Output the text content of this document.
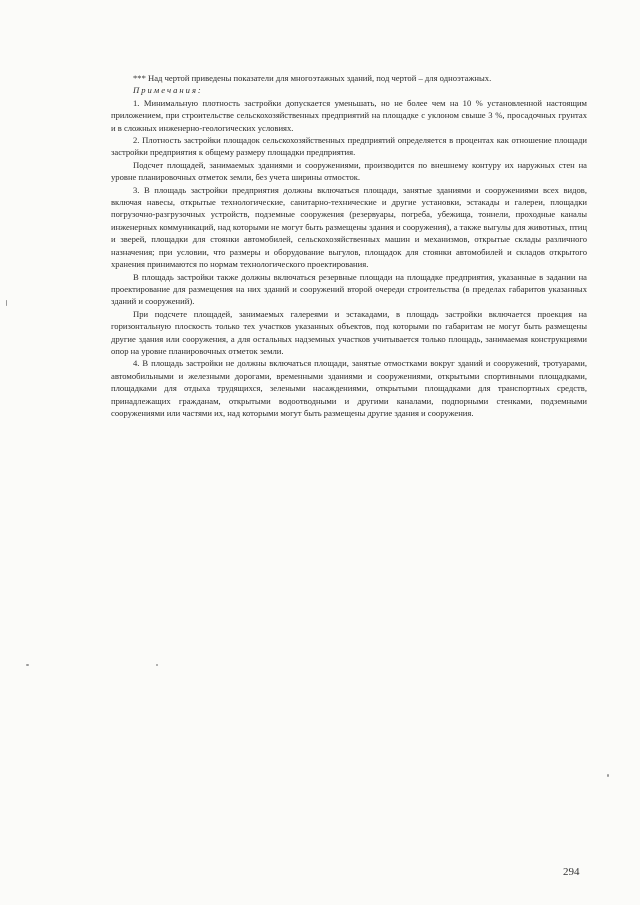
*** Над чертой приведены показатели для многоэтажных зданий, под чертой – для одноэтажных.

Примечания:

1. Минимальную плотность застройки допускается уменьшать, но не более чем на 10 % установленной настоящим приложением, при строительстве сельскохозяйственных предприятий на площадке с уклоном свыше 3 %, просадочных грунтах и в сложных инженерно-геологических условиях.

2. Плотность застройки площадок сельскохозяйственных предприятий определяется в процентах как отношение площади застройки предприятия к общему размеру площадки предприятия.

Подсчет площадей, занимаемых зданиями и сооружениями, производится по внешнему контуру их наружных стен на уровне планировочных отметок земли, без учета ширины отмосток.

3. В площадь застройки предприятия должны включаться площади, занятые зданиями и сооружениями всех видов, включая навесы, открытые технологические, санитарно-технические и другие установки, эстакады и галереи, площадки погрузочно-разгрузочных устройств, подземные сооружения (резервуары, погреба, убежища, тоннели, проходные каналы инженерных коммуникаций, над которыми не могут быть размещены здания и сооружения), а также выгулы для животных, птиц и зверей, площадки для стоянки автомобилей, сельскохозяйственных машин и механизмов, открытые склады различного назначения; при условии, что размеры и оборудование выгулов, площадок для стоянки автомобилей и складов открытого хранения принимаются по нормам технологического проектирования.

В площадь застройки также должны включаться резервные площади на площадке предприятия, указанные в задании на проектирование для размещения на них зданий и сооружений второй очереди строительства (в пределах габаритов указанных зданий и сооружений).

При подсчете площадей, занимаемых галереями и эстакадами, в площадь застройки включается проекция на горизонтальную плоскость только тех участков указанных объектов, под которыми по габаритам не могут быть размещены другие здания или сооружения, а для остальных надземных участков учитывается только площадь, занимаемая конструкциями опор на уровне планировочных отметок земли.

4. В площадь застройки не должны включаться площади, занятые отмостками вокруг зданий и сооружений, тротуарами, автомобильными и железными дорогами, временными зданиями и сооружениями, открытыми спортивными площадками, площадками для отдыха трудящихся, зелеными насаждениями, открытыми площадками для транспортных средств, принадлежащих гражданам, открытыми водоотводными и другими каналами, подпорными стенками, подземными сооружениями или частями их, над которыми могут быть размещены другие здания и сооружения.

294
